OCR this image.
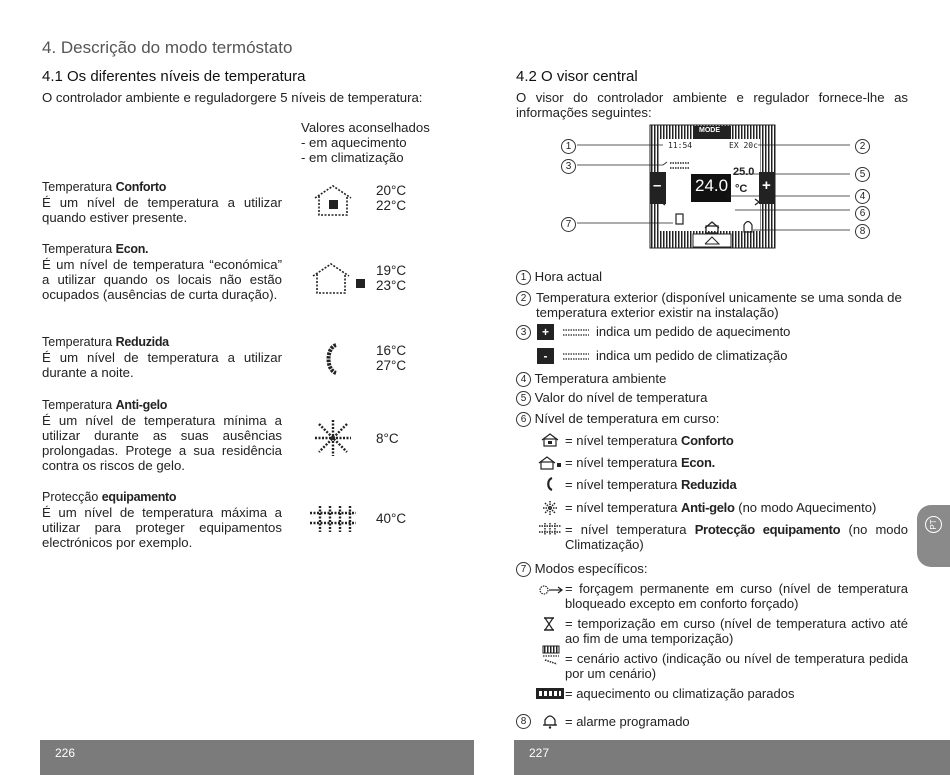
4. Descrição do modo termóstato
4.1 Os diferentes níveis de temperatura
O controlador ambiente e reguladorgere 5 níveis de temperatura:
Valores aconselhados
- em aquecimento
- em climatização
Temperatura Conforto
É um nível de temperatura a utilizar quando estiver presente.
20°C
22°C
Temperatura Econ.
É um nível de temperatura “económica” a utilizar quando os locais não estão ocupados (ausências de curta duração).
19°C
23°C
Temperatura Reduzida
É um nível de temperatura a utilizar durante a noite.
16°C
27°C
Temperatura Anti-gelo
É um nível de temperatura mínima a utilizar durante as suas ausências prolongadas. Protege a sua residência contra os riscos de gelo.
8°C
Protecção equipamento
É um nível de temperatura máxima a utilizar para proteger equipamentos electrónicos por exemplo.
40°C
226
4.2 O visor central
O visor do controlador ambiente e regulador fornece-lhe as informações seguintes:
MODE
11:54	EX 20c
24.0
25.0
°C
–	+
1
3
7
2
5
4
6
8
1 Hora actual
2 Temperatura exterior (disponível unicamente se uma sonda de temperatura exterior existir na instalação)
3	+	indica um pedido de aquecimento
-	indica um pedido de climatização
4 Temperatura ambiente
5 Valor do nível de temperatura
6 Nível de temperatura em curso:
= nível temperatura Conforto
= nível temperatura Econ.
= nível temperatura Reduzida
= nível temperatura Anti-gelo (no modo Aquecimento)
= nível temperatura Protecção equipamento (no modo Climatização)
7 Modos específicos:
= forçagem permanente em curso (nível de temperatura bloqueado excepto em conforto forçado)
= temporização em curso (nível de temperatura activo até ao fim de uma temporização)
= cenário activo (indicação ou nível de temperatura pedida por um cenário)
= aquecimento ou climatização parados
8	= alarme programado
PT
227
